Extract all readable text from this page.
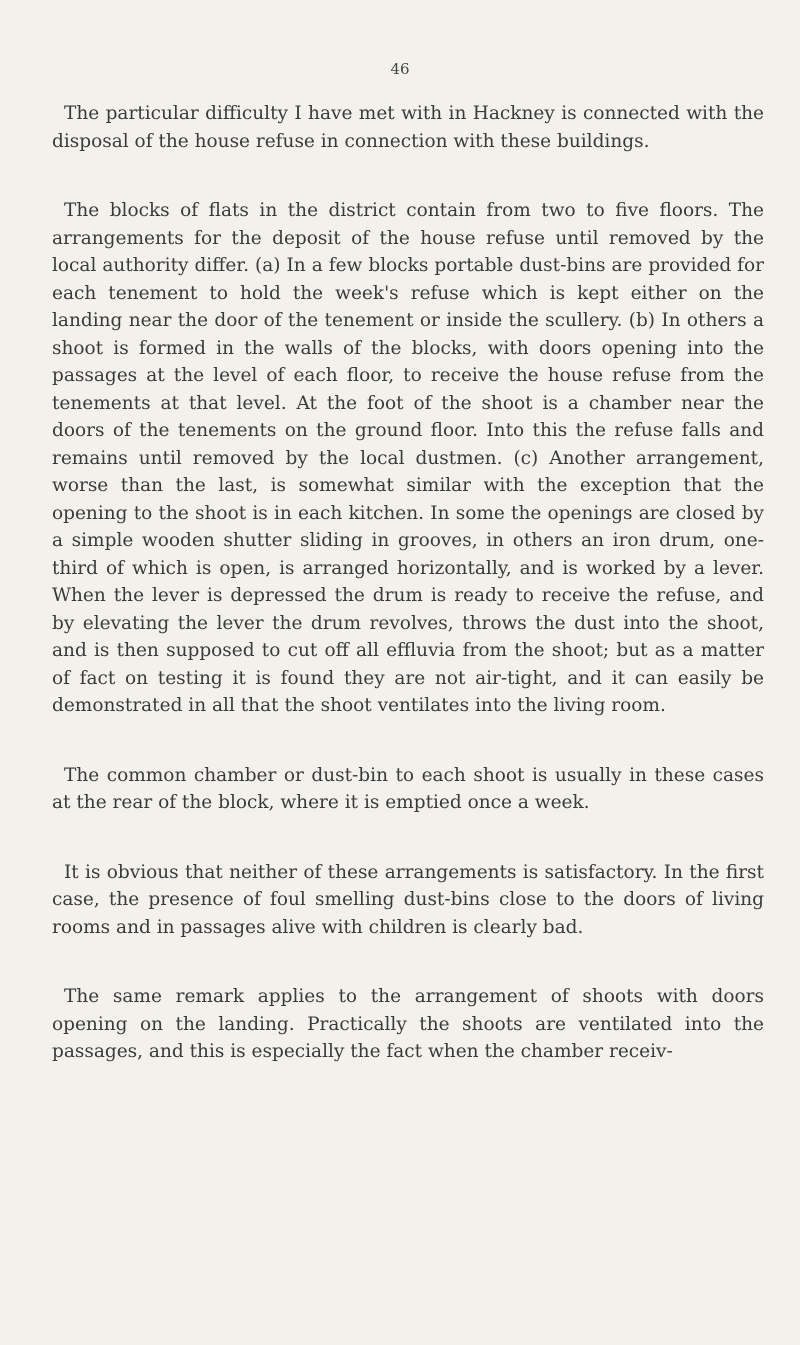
46

The particular difficulty I have met with in Hackney is connected with the disposal of the house refuse in connection with these buildings.

The blocks of flats in the district contain from two to five floors. The arrangements for the deposit of the house refuse until removed by the local authority differ. (a) In a few blocks portable dust-bins are provided for each tenement to hold the week's refuse which is kept either on the landing near the door of the tenement or inside the scullery. (b) In others a shoot is formed in the walls of the blocks, with doors opening into the passages at the level of each floor, to receive the house refuse from the tenements at that level. At the foot of the shoot is a chamber near the doors of the tenements on the ground floor. Into this the refuse falls and remains until removed by the local dustmen. (c) Another arrangement, worse than the last, is somewhat similar with the exception that the opening to the shoot is in each kitchen. In some the openings are closed by a simple wooden shutter sliding in grooves, in others an iron drum, one-third of which is open, is arranged horizontally, and is worked by a lever. When the lever is depressed the drum is ready to receive the refuse, and by elevating the lever the drum revolves, throws the dust into the shoot, and is then supposed to cut off all effluvia from the shoot; but as a matter of fact on testing it is found they are not air-tight, and it can easily be demonstrated in all that the shoot ventilates into the living room.

The common chamber or dust-bin to each shoot is usually in these cases at the rear of the block, where it is emptied once a week.

It is obvious that neither of these arrangements is satisfactory. In the first case, the presence of foul smelling dust-bins close to the doors of living rooms and in passages alive with children is clearly bad.

The same remark applies to the arrangement of shoots with doors opening on the landing. Practically the shoots are ventilated into the passages, and this is especially the fact when the chamber receiv-
